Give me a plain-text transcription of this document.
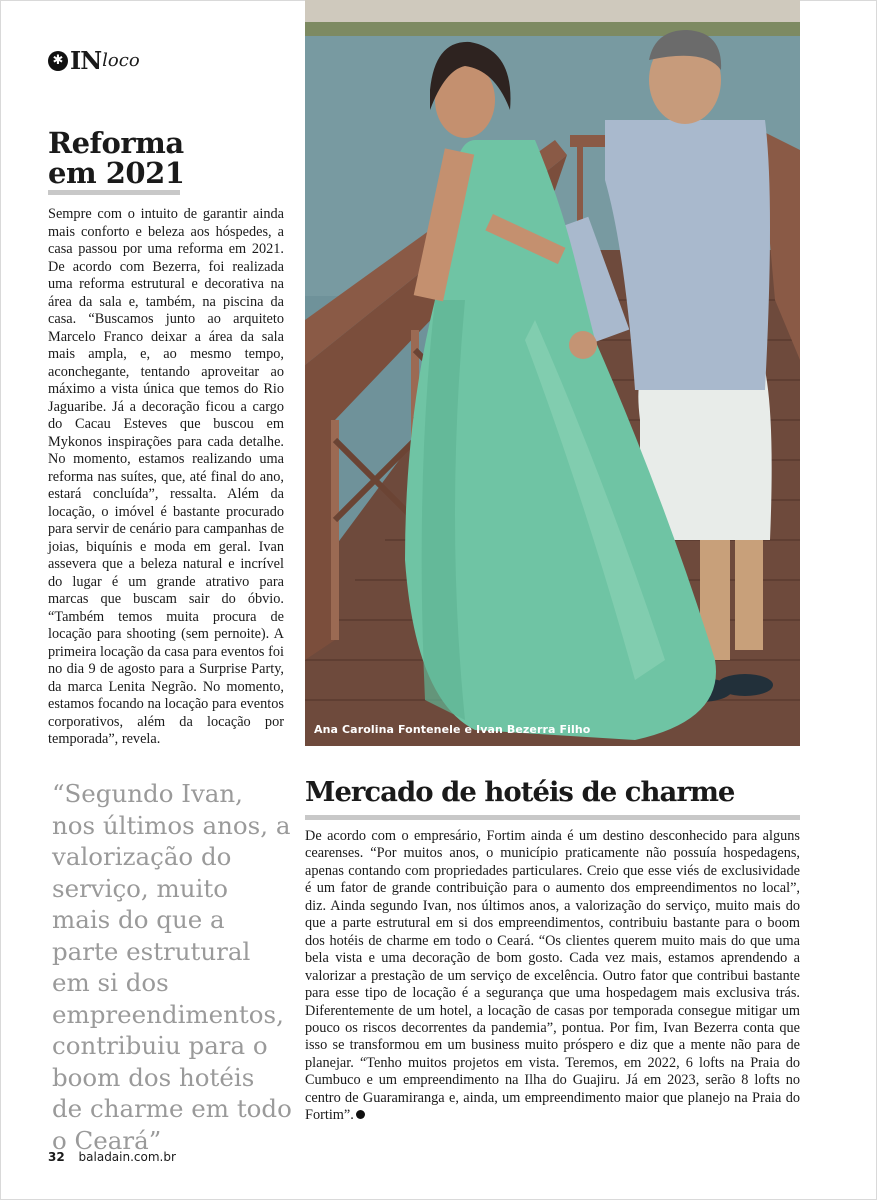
✱ IN loco
Reforma
em 2021

Sempre com o intuito de garantir ainda mais conforto e beleza aos hóspedes, a casa passou por uma reforma em 2021. De acordo com Bezerra, foi realizada uma reforma estrutural e decorativa na área da sala e, também, na piscina da casa. “Buscamos junto ao arquiteto Marcelo Franco deixar a área da sala mais ampla, e, ao mesmo tempo, aconchegante, tentando aproveitar ao máximo a vista única que temos do Rio Jaguaribe. Já a decoração ficou a cargo do Cacau Esteves que buscou em Mykonos inspirações para cada detalhe. No momento, estamos realizando uma reforma nas suítes, que, até final do ano, estará concluída”, ressalta. Além da locação, o imóvel é bastante procurado para servir de cenário para campanhas de joias, biquínis e moda em geral. Ivan assevera que a beleza natural e incrível do lugar é um grande atrativo para marcas que buscam sair do óbvio. “Também temos muita procura de locação para shooting (sem pernoite). A primeira locação da casa para eventos foi no dia 9 de agosto para a Surprise Party, da marca Lenita Negrão. No momento, estamos focando na locação para eventos corporativos, além da locação por temporada”, revela.

Ana Carolina Fontenele e Ivan Bezerra Filho

“Segundo Ivan, nos últimos anos, a valorização do serviço, muito mais do que a parte estrutural em si dos empreendimentos, contribuiu para o boom dos hotéis de charme em todo o Ceará”

Mercado de hotéis de charme

De acordo com o empresário, Fortim ainda é um destino desconhecido para alguns cearenses. “Por muitos anos, o município praticamente não possuía hospedagens, apenas contando com propriedades particulares. Creio que esse viés de exclusividade é um fator de grande contribuição para o aumento dos empreendimentos no local”, diz. Ainda segundo Ivan, nos últimos anos, a valorização do serviço, muito mais do que a parte estrutural em si dos empreendimentos, contribuiu bastante para o boom dos hotéis de charme em todo o Ceará. “Os clientes querem muito mais do que uma bela vista e uma decoração de bom gosto. Cada vez mais, estamos aprendendo a valorizar a prestação de um serviço de excelência. Outro fator que contribui bastante para esse tipo de locação é a segurança que uma hospedagem mais exclusiva trás. Diferentemente de um hotel, a locação de casas por temporada consegue mitigar um pouco os riscos decorrentes da pandemia”, pontua. Por fim, Ivan Bezerra conta que isso se transformou em um business muito próspero e diz que a mente não para de planejar. “Tenho muitos projetos em vista. Teremos, em 2022, 6 lofts na Praia do Cumbuco e um empreendimento na Ilha do Guajiru. Já em 2023, serão 8 lofts no centro de Guaramiranga e, ainda, um empreendimento maior que planejo na Praia do Fortim”.

32 baladain.com.br
